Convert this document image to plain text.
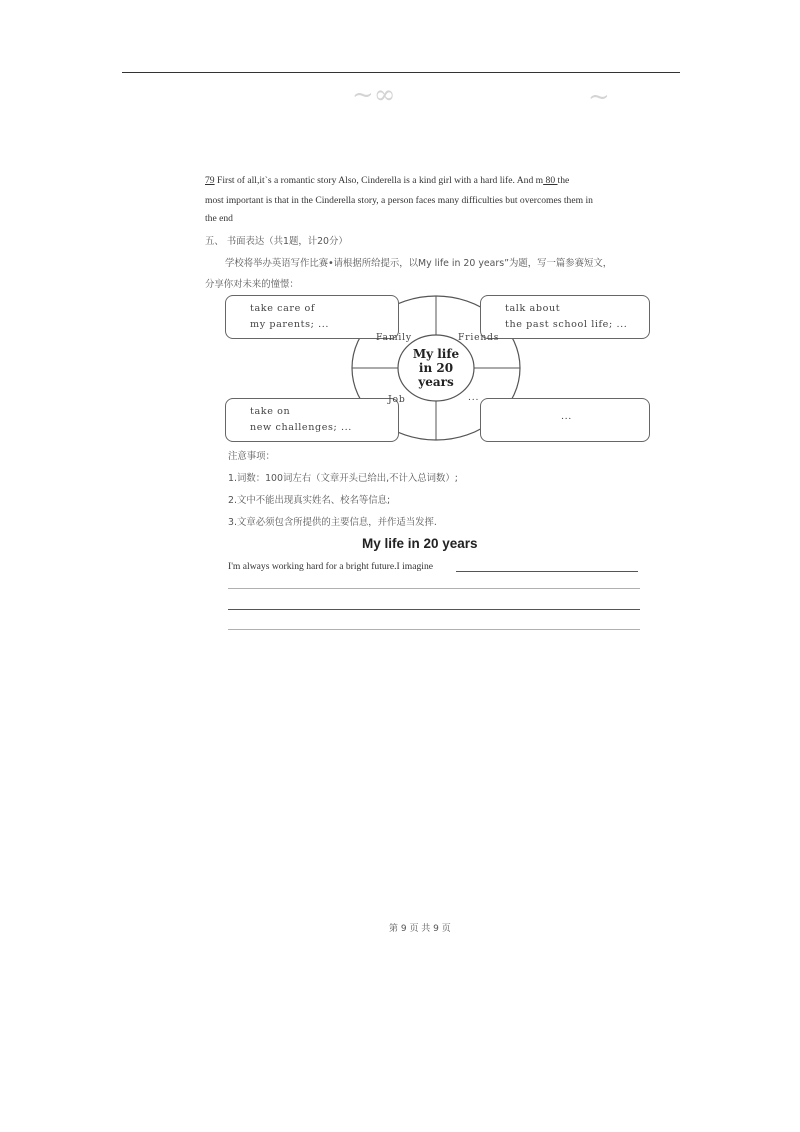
~∞	~
79 First of all,it`s a romantic story Also, Cinderella is a kind girl with a hard life. And m 80 the
most important is that in the Cinderella story, a person faces many difficulties but overcomes them in
the end
五、 书面表达（共1题，计20分）
学校将举办英语写作比赛•请根据所给提示，以My life in 20 years”为题，写一篇参赛短文，
分享你对未来的憧憬：
take care of
my parents; ...
talk about
the past school life; ...
take on
new challenges; ...
...
Family	Friends
Job	...
My life
in 20
years
注意事项：
1.词数：100词左右（文章开头已给出,不计入总词数）;
2.文中不能出现真实姓名、校名等信息;
3.文章必须包含所提供的主要信息，并作适当发挥.
My life in 20 years
I'm always working hard for a bright future.I imagine
第 9 页 共 9 页
